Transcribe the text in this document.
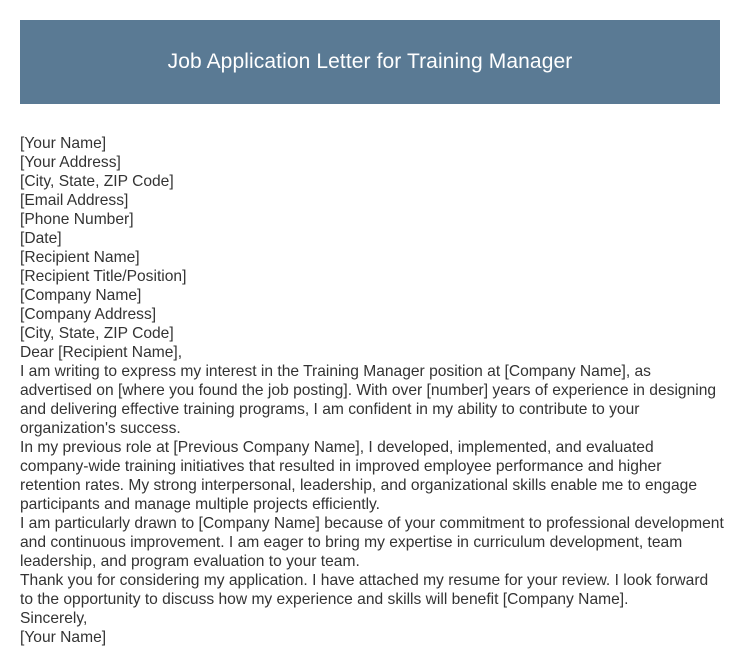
Job Application Letter for Training Manager
[Your Name]
[Your Address]
[City, State, ZIP Code]
[Email Address]
[Phone Number]
[Date]
[Recipient Name]
[Recipient Title/Position]
[Company Name]
[Company Address]
[City, State, ZIP Code]
Dear [Recipient Name],
I am writing to express my interest in the Training Manager position at [Company Name], as advertised on [where you found the job posting]. With over [number] years of experience in designing and delivering effective training programs, I am confident in my ability to contribute to your organization's success.
In my previous role at [Previous Company Name], I developed, implemented, and evaluated company-wide training initiatives that resulted in improved employee performance and higher retention rates. My strong interpersonal, leadership, and organizational skills enable me to engage participants and manage multiple projects efficiently.
I am particularly drawn to [Company Name] because of your commitment to professional development and continuous improvement. I am eager to bring my expertise in curriculum development, team leadership, and program evaluation to your team.
Thank you for considering my application. I have attached my resume for your review. I look forward to the opportunity to discuss how my experience and skills will benefit [Company Name].
Sincerely,
[Your Name]
